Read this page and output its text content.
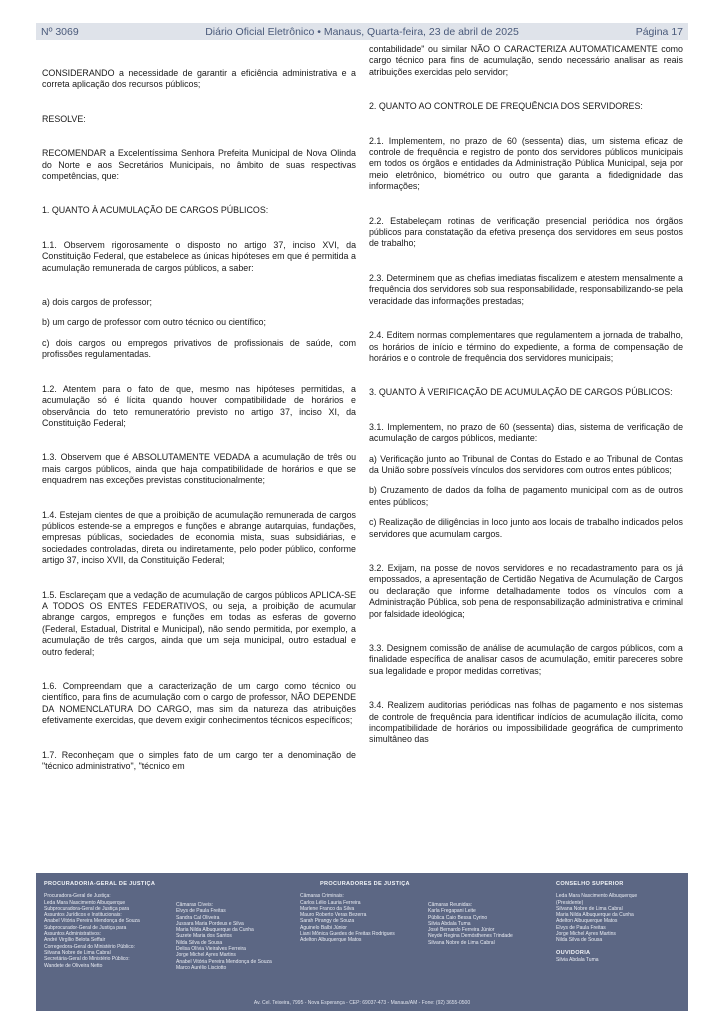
Nº 3069	Diário Oficial Eletrônico • Manaus, Quarta-feira, 23 de abril de 2025	Página 17

CONSIDERANDO a necessidade de garantir a eficiência administrativa e a correta aplicação dos recursos públicos;

RESOLVE:

RECOMENDAR a Excelentíssima Senhora Prefeita Municipal de Nova Olinda do Norte e aos Secretários Municipais, no âmbito de suas respectivas competências, que:

1. QUANTO À ACUMULAÇÃO DE CARGOS PÚBLICOS:

1.1. Observem rigorosamente o disposto no artigo 37, inciso XVI, da Constituição Federal, que estabelece as únicas hipóteses em que é permitida a acumulação remunerada de cargos públicos, a saber:

a) dois cargos de professor;

b) um cargo de professor com outro técnico ou científico;

c) dois cargos ou empregos privativos de profissionais de saúde, com profissões regulamentadas.

1.2. Atentem para o fato de que, mesmo nas hipóteses permitidas, a acumulação só é lícita quando houver compatibilidade de horários e observância do teto remuneratório previsto no artigo 37, inciso XI, da Constituição Federal;

1.3. Observem que é ABSOLUTAMENTE VEDADA a acumulação de três ou mais cargos públicos, ainda que haja compatibilidade de horários e que se enquadrem nas exceções previstas constitucionalmente;

1.4. Estejam cientes de que a proibição de acumulação remunerada de cargos públicos estende-se a empregos e funções e abrange autarquias, fundações, empresas públicas, sociedades de economia mista, suas subsidiárias, e sociedades controladas, direta ou indiretamente, pelo poder público, conforme artigo 37, inciso XVII, da Constituição Federal;

1.5. Esclareçam que a vedação de acumulação de cargos públicos APLICA-SE A TODOS OS ENTES FEDERATIVOS, ou seja, a proibição de acumular abrange cargos, empregos e funções em todas as esferas de governo (Federal, Estadual, Distrital e Municipal), não sendo permitida, por exemplo, a acumulação de três cargos, ainda que um seja municipal, outro estadual e outro federal;

1.6. Compreendam que a caracterização de um cargo como técnico ou científico, para fins de acumulação com o cargo de professor, NÃO DEPENDE DA NOMENCLATURA DO CARGO, mas sim da natureza das atribuições efetivamente exercidas, que devem exigir conhecimentos técnicos específicos;

1.7. Reconheçam que o simples fato de um cargo ter a denominação de "técnico administrativo", "técnico em

contabilidade" ou similar NÃO O CARACTERIZA AUTOMATICAMENTE como cargo técnico para fins de acumulação, sendo necessário analisar as reais atribuições exercidas pelo servidor;

2. QUANTO AO CONTROLE DE FREQUÊNCIA DOS SERVIDORES:

2.1. Implementem, no prazo de 60 (sessenta) dias, um sistema eficaz de controle de frequência e registro de ponto dos servidores públicos municipais em todos os órgãos e entidades da Administração Pública Municipal, seja por meio eletrônico, biométrico ou outro que garanta a fidedignidade das informações;

2.2. Estabeleçam rotinas de verificação presencial periódica nos órgãos públicos para constatação da efetiva presença dos servidores em seus postos de trabalho;

2.3. Determinem que as chefias imediatas fiscalizem e atestem mensalmente a frequência dos servidores sob sua responsabilidade, responsabilizando-se pela veracidade das informações prestadas;

2.4. Editem normas complementares que regulamentem a jornada de trabalho, os horários de início e término do expediente, a forma de compensação de horários e o controle de frequência dos servidores municipais;

3. QUANTO À VERIFICAÇÃO DE ACUMULAÇÃO DE CARGOS PÚBLICOS:

3.1. Implementem, no prazo de 60 (sessenta) dias, sistema de verificação de acumulação de cargos públicos, mediante:

a) Verificação junto ao Tribunal de Contas do Estado e ao Tribunal de Contas da União sobre possíveis vínculos dos servidores com outros entes públicos;

b) Cruzamento de dados da folha de pagamento municipal com as de outros entes públicos;

c) Realização de diligências in loco junto aos locais de trabalho indicados pelos servidores que acumulam cargos.

3.2. Exijam, na posse de novos servidores e no recadastramento para os já empossados, a apresentação de Certidão Negativa de Acumulação de Cargos ou declaração que informe detalhadamente todos os vínculos com a Administração Pública, sob pena de responsabilização administrativa e criminal por falsidade ideológica;

3.3. Designem comissão de análise de acumulação de cargos públicos, com a finalidade específica de analisar casos de acumulação, emitir pareceres sobre sua legalidade e propor medidas corretivas;

3.4. Realizem auditorias periódicas nas folhas de pagamento e nos sistemas de controle de frequência para identificar indícios de acumulação ilícita, como incompatibilidade de horários ou impossibilidade geográfica de cumprimento simultâneo das

PROCURADORIA-GERAL DE JUSTIÇA
Procuradora-Geral de Justiça:
Leda Mara Nascimento Albuquerque
Subprocuradora-Geral de Justiça para
Assuntos Jurídicos e Institucionais:
Anabel Vitória Pereira Mendonça de Souza
Subprocurador-Geral de Justiça para
Assuntos Administrativos:
André Virgílio Belota Seffair
Corregedora-Geral do Ministério Público:
Silvana Nobre de Lima Cabral
Secretária-Geral do Ministério Público:
Wandete de Oliveira Netto
Câmaras Cíveis:
Elvys de Paula Freitas
Sandra Cal Oliveira
Jussara Maria Pordeus e Silva
Maria Nilda Albuquerque da Cunha
Suzete Maria dos Santos
Nilda Silva de Sousa
Delisa Olívia Vieiralves Ferreira
Jorge Michel Ayres Martins
Anabel Vitória Pereira Mendonça de Souza
Marco Aurélio Lisciotto
PROCURADORES DE JUSTIÇA
Câmaras Criminais:
Carlos Lélio Lauria Ferreira
Marlene Franco da Silva
Mauro Roberto Veras Bezerra
Sarah Pirangy de Souza
Aguinelo Balbi Júnior
Liani Mônica Guedes de Freitas Rodrigues
Adelton Albuquerque Matos
Câmaras Reunidas:
Karla Fregapani Leite
Pública Caio Bessa Cyrino
Silvia Abdala Tuma
José Bernardo Ferreira Júnior
Neyde Regina Demósthenes Trindade
Silvana Nobre de Lima Cabral
CONSELHO SUPERIOR
Leda Mara Nascimento Albuquerque
(Presidente)
Silvana Nobre de Lima Cabral
Maria Nilda Albuquerque da Cunha
Adelton Albuquerque Matos
Elvys de Paula Freitas
Jorge Michel Ayres Martins
Nilda Silva de Sousa
OUVIDORIA
Silvia Abdala Tuma
Av. Cel. Teixeira, 7995 - Nova Esperança - CEP: 69037-473 - Manaus/AM - Fone: (92) 3655-0500
